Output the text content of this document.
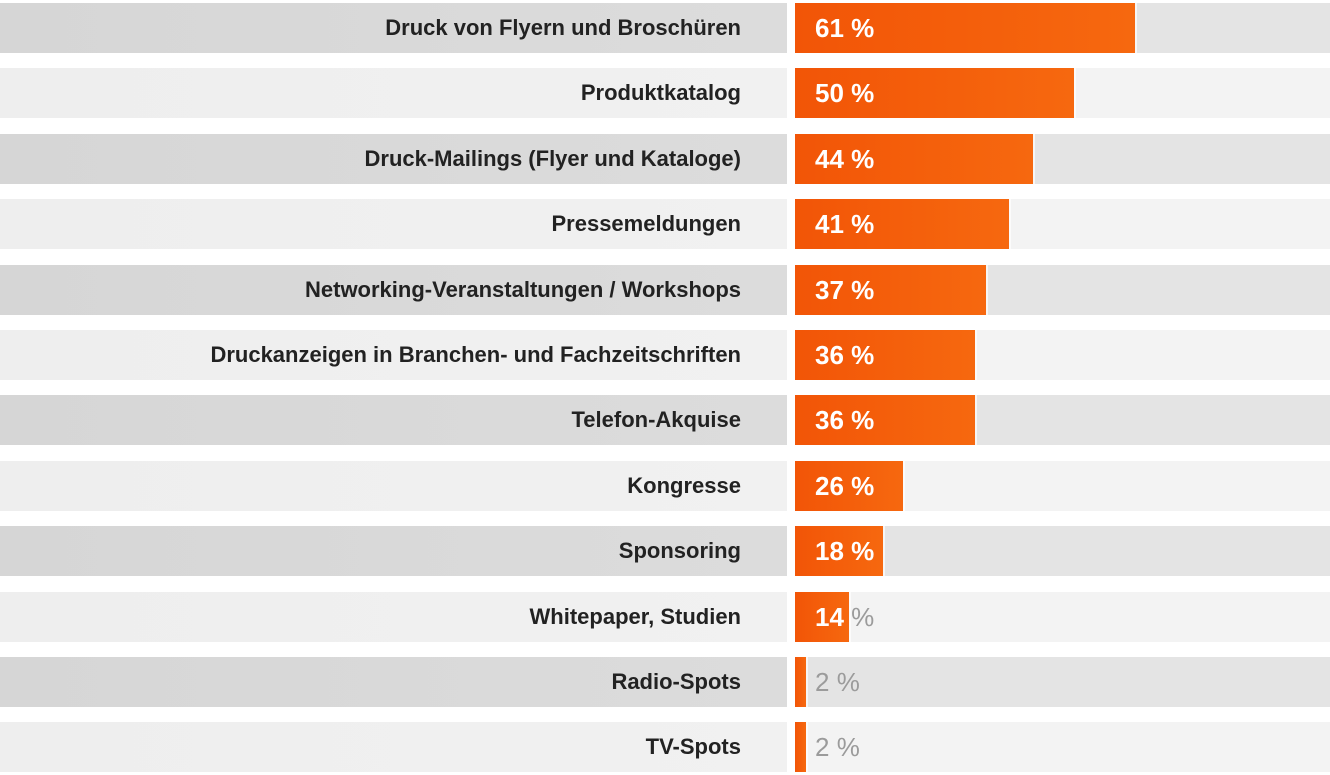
Druck von Flyern und Broschüren	61 %
Produktkatalog	50 %
Druck-Mailings (Flyer und Kataloge)	44 %
Pressemeldungen	41 %
Networking-Veranstaltungen / Workshops	37 %
Druckanzeigen in Branchen- und Fachzeitschriften	36 %
Telefon-Akquise	36 %
Kongresse	26 %
Sponsoring	18 %
Whitepaper, Studien	14 %
Radio-Spots	2 %
TV-Spots	2 %
